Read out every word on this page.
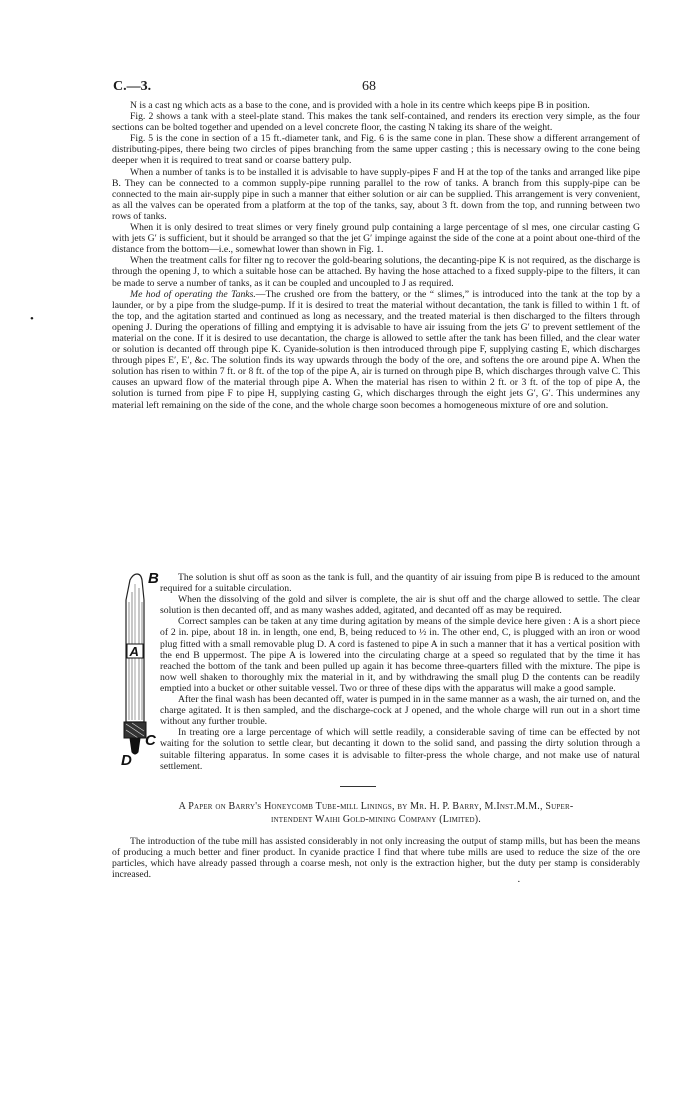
C.—3.	68
•

N is a cast ng which acts as a base to the cone, and is provided with a hole in its centre which keeps pipe B in position.

Fig. 2 shows a tank with a steel-plate stand. This makes the tank self-contained, and renders its erection very simple, as the four sections can be bolted together and upended on a level concrete floor, the casting N taking its share of the weight.

Fig. 5 is the cone in section of a 15 ft.-diameter tank, and Fig. 6 is the same cone in plan. These show a different arrangement of distributing-pipes, there being two circles of pipes branching from the same upper casting ; this is necessary owing to the cone being deeper when it is required to treat sand or coarse battery pulp.

When a number of tanks is to be installed it is advisable to have supply-pipes F and H at the top of the tanks and arranged like pipe B. They can be connected to a common supply-pipe running parallel to the row of tanks. A branch from this supply-pipe can be connected to the main air-supply pipe in such a manner that either solution or air can be supplied. This arrangement is very convenient, as all the valves can be operated from a platform at the top of the tanks, say, about 3 ft. down from the top, and running between two rows of tanks.

When it is only desired to treat slimes or very finely ground pulp containing a large percentage of sl mes, one circular casting G with jets G′ is sufficient, but it should be arranged so that the jet G′ impinge against the side of the cone at a point about one-third of the distance from the bottom—i.e., somewhat lower than shown in Fig. 1.

When the treatment calls for filter ng to recover the gold-bearing solutions, the decanting-pipe K is not required, as the discharge is through the opening J, to which a suitable hose can be attached. By having the hose attached to a fixed supply-pipe to the filters, it can be made to serve a number of tanks, as it can be coupled and uncoupled to J as required.

Me hod of operating the Tanks.—The crushed ore from the battery, or the “ slimes,” is introduced into the tank at the top by a launder, or by a pipe from the sludge-pump. If it is desired to treat the material without decantation, the tank is filled to within 1 ft. of the top, and the agitation started and continued as long as necessary, and the treated material is then discharged to the filters through opening J. During the operations of filling and emptying it is advisable to have air issuing from the jets G′ to prevent settlement of the material on the cone. If it is desired to use decantation, the charge is allowed to settle after the tank has been filled, and the clear water or solution is decanted off through pipe K. Cyanide-solution is then introduced through pipe F, supplying casting E, which discharges through pipes E′, E′, &c. The solution finds its way upwards through the body of the ore, and softens the ore around pipe A. When the solution has risen to within 7 ft. or 8 ft. of the top of the pipe A, air is turned on through pipe B, which discharges through valve C. This causes an upward flow of the material through pipe A. When the material has risen to within 2 ft. or 3 ft. of the top of pipe A, the solution is turned from pipe F to pipe H, supplying casting G, which discharges through the eight jets G′, G′. This undermines any material left remaining on the side of the cone, and the whole charge soon becomes a homogeneous mixture of ore and solution.

A
B
C
D

The solution is shut off as soon as the tank is full, and the quantity of air issuing from pipe B is reduced to the amount required for a suitable circulation.

When the dissolving of the gold and silver is complete, the air is shut off and the charge allowed to settle. The clear solution is then decanted off, and as many washes added, agitated, and decanted off as may be required.

Correct samples can be taken at any time during agitation by means of the simple device here given : A is a short piece of 2 in. pipe, about 18 in. in length, one end, B, being reduced to ½ in. The other end, C, is plugged with an iron or wood plug fitted with a small removable plug D. A cord is fastened to pipe A in such a manner that it has a vertical position with the end B uppermost. The pipe A is lowered into the circulating charge at a speed so regulated that by the time it has reached the bottom of the tank and been pulled up again it has become three-quarters filled with the mixture. The pipe is now well shaken to thoroughly mix the material in it, and by withdrawing the small plug D the contents can be readily emptied into a bucket or other suitable vessel. Two or three of these dips with the apparatus will make a good sample.

After the final wash has been decanted off, water is pumped in in the same manner as a wash, the air turned on, and the charge agitated. It is then sampled, and the discharge-cock at J opened, and the whole charge will run out in a short time without any further trouble.

In treating ore a large percentage of which will settle readily, a considerable saving of time can be effected by not waiting for the solution to settle clear, but decanting it down to the solid sand, and passing the dirty solution through a suitable filtering apparatus. In some cases it is advisable to filter-press the whole charge, and not make use of natural settlement.

A Paper on Barry's Honeycomb Tube-mill Linings, by Mr. H. P. Barry, M.Inst.M.M., Super-
intendent Waihi Gold-mining Company (Limited).

The introduction of the tube mill has assisted considerably in not only increasing the output of stamp mills, but has been the means of producing a much better and finer product. In cyanide practice I find that where tube mills are used to reduce the size of the ore particles, which have already passed through a coarse mesh, not only is the extraction higher, but the duty per stamp is considerably increased.

·
